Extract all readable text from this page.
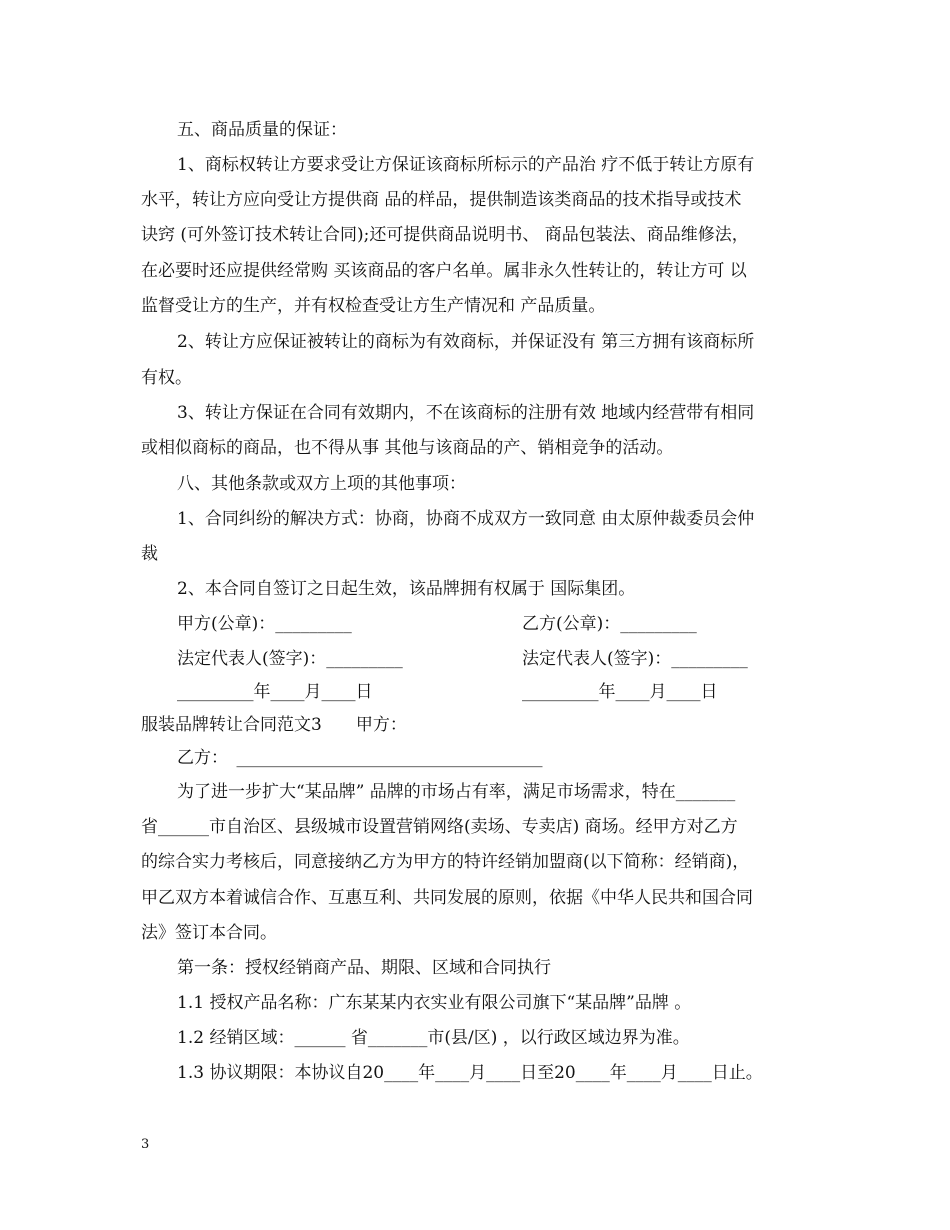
五、商品质量的保证：
1、商标权转让方要求受让方保证该商标所标示的产品治 疗不低于转让方原有
水平，转让方应向受让方提供商 品的样品，提供制造该类商品的技术指导或技术
诀窍 (可外签订技术转让合同);还可提供商品说明书、 商品包装法、商品维修法，
在必要时还应提供经常购 买该商品的客户名单。属非永久性转让的，转让方可 以
监督受让方的生产，并有权检查受让方生产情况和 产品质量。
2、转让方应保证被转让的商标为有效商标，并保证没有 第三方拥有该商标所
有权。
3、转让方保证在合同有效期内，不在该商标的注册有效 地域内经营带有相同
或相似商标的商品，也不得从事 其他与该商品的产、销相竞争的活动。
八、其他条款或双方上项的其他事项：
1、合同纠纷的解决方式：协商，协商不成双方一致同意 由太原仲裁委员会仲
裁
2、本合同自签订之日起生效，该品牌拥有权属于 国际集团。
甲方(公章)：_________	乙方(公章)：_________
法定代表人(签字)：_________	法定代表人(签字)：_________
_________年____月____日	_________年____月____日
服装品牌转让合同范文3　　甲方：
乙方：　____________________________________
为了进一步扩大“某品牌” 品牌的市场占有率，满足市场需求，特在_______
省______市自治区、县级城市设置营销网络(卖场、专卖店) 商场。经甲方对乙方
的综合实力考核后，同意接纳乙方为甲方的特许经销加盟商(以下简称：经销商)，
甲乙双方本着诚信合作、互惠互利、共同发展的原则，依据《中华人民共和国合同
法》签订本合同。
第一条：授权经销商产品、期限、区域和合同执行
1.1 授权产品名称：广东某某内衣实业有限公司旗下“某品牌”品牌 。
1.2 经销区域：______ 省_______市(县/区) ，以行政区域边界为准。
1.3 协议期限：本协议自20____年____月____日至20____年____月____日止。
3
